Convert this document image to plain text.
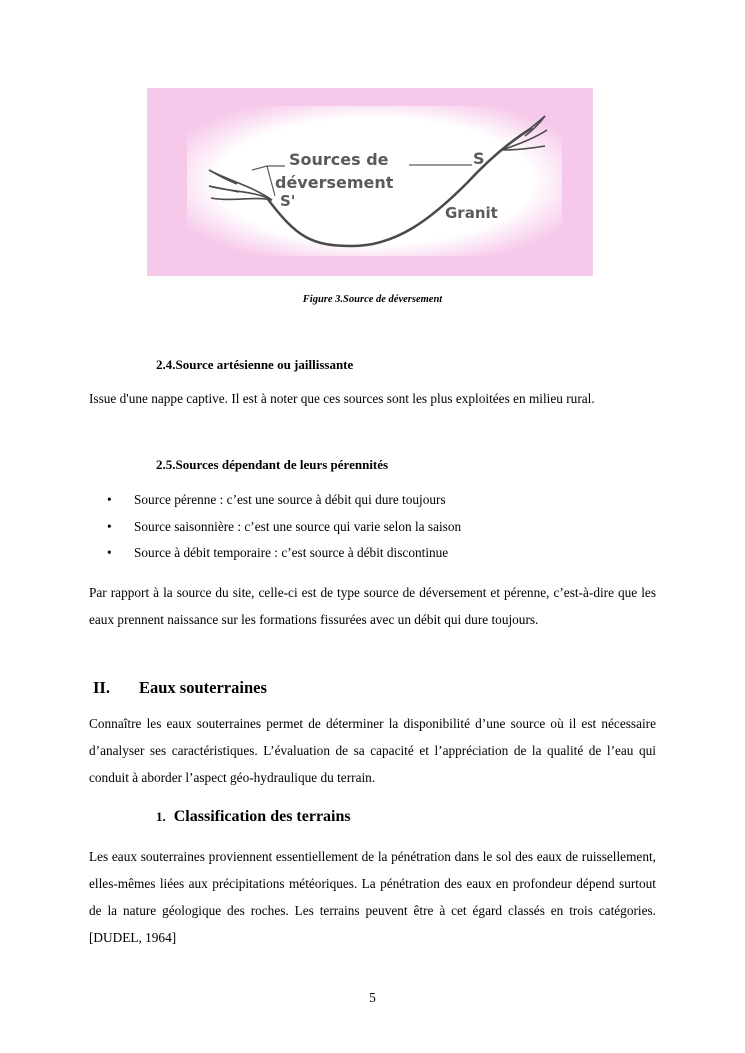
Sources de
déversement
S'
S
Granit
Figure 3.Source de déversement
2.4.Source artésienne ou jaillissante

Issue d'une nappe captive. Il est à noter que ces sources sont les plus exploitées en milieu rural.

2.5.Sources dépendant de leurs pérennités
• Source pérenne : c’est une source à débit qui dure toujours
• Source saisonnière : c’est une source qui varie selon la saison
• Source à débit temporaire : c’est source à débit discontinue

Par rapport à la source du site, celle-ci est de type source de déversement et pérenne, c’est-à-dire que les eaux prennent naissance sur les formations fissurées avec un débit qui dure toujours.

II. Eaux souterraines

Connaître les eaux souterraines permet de déterminer la disponibilité d’une source où il est nécessaire d’analyser ses caractéristiques. L’évaluation de sa capacité et l’appréciation de la qualité de l’eau qui conduit à aborder l’aspect géo-hydraulique du terrain.

1. Classification des terrains

Les eaux souterraines proviennent essentiellement de la pénétration dans le sol des eaux de ruissellement, elles-mêmes liées aux précipitations météoriques. La pénétration des eaux en profondeur dépend surtout de la nature géologique des roches. Les terrains peuvent être à cet égard classés en trois catégories. [DUDEL, 1964]

5
